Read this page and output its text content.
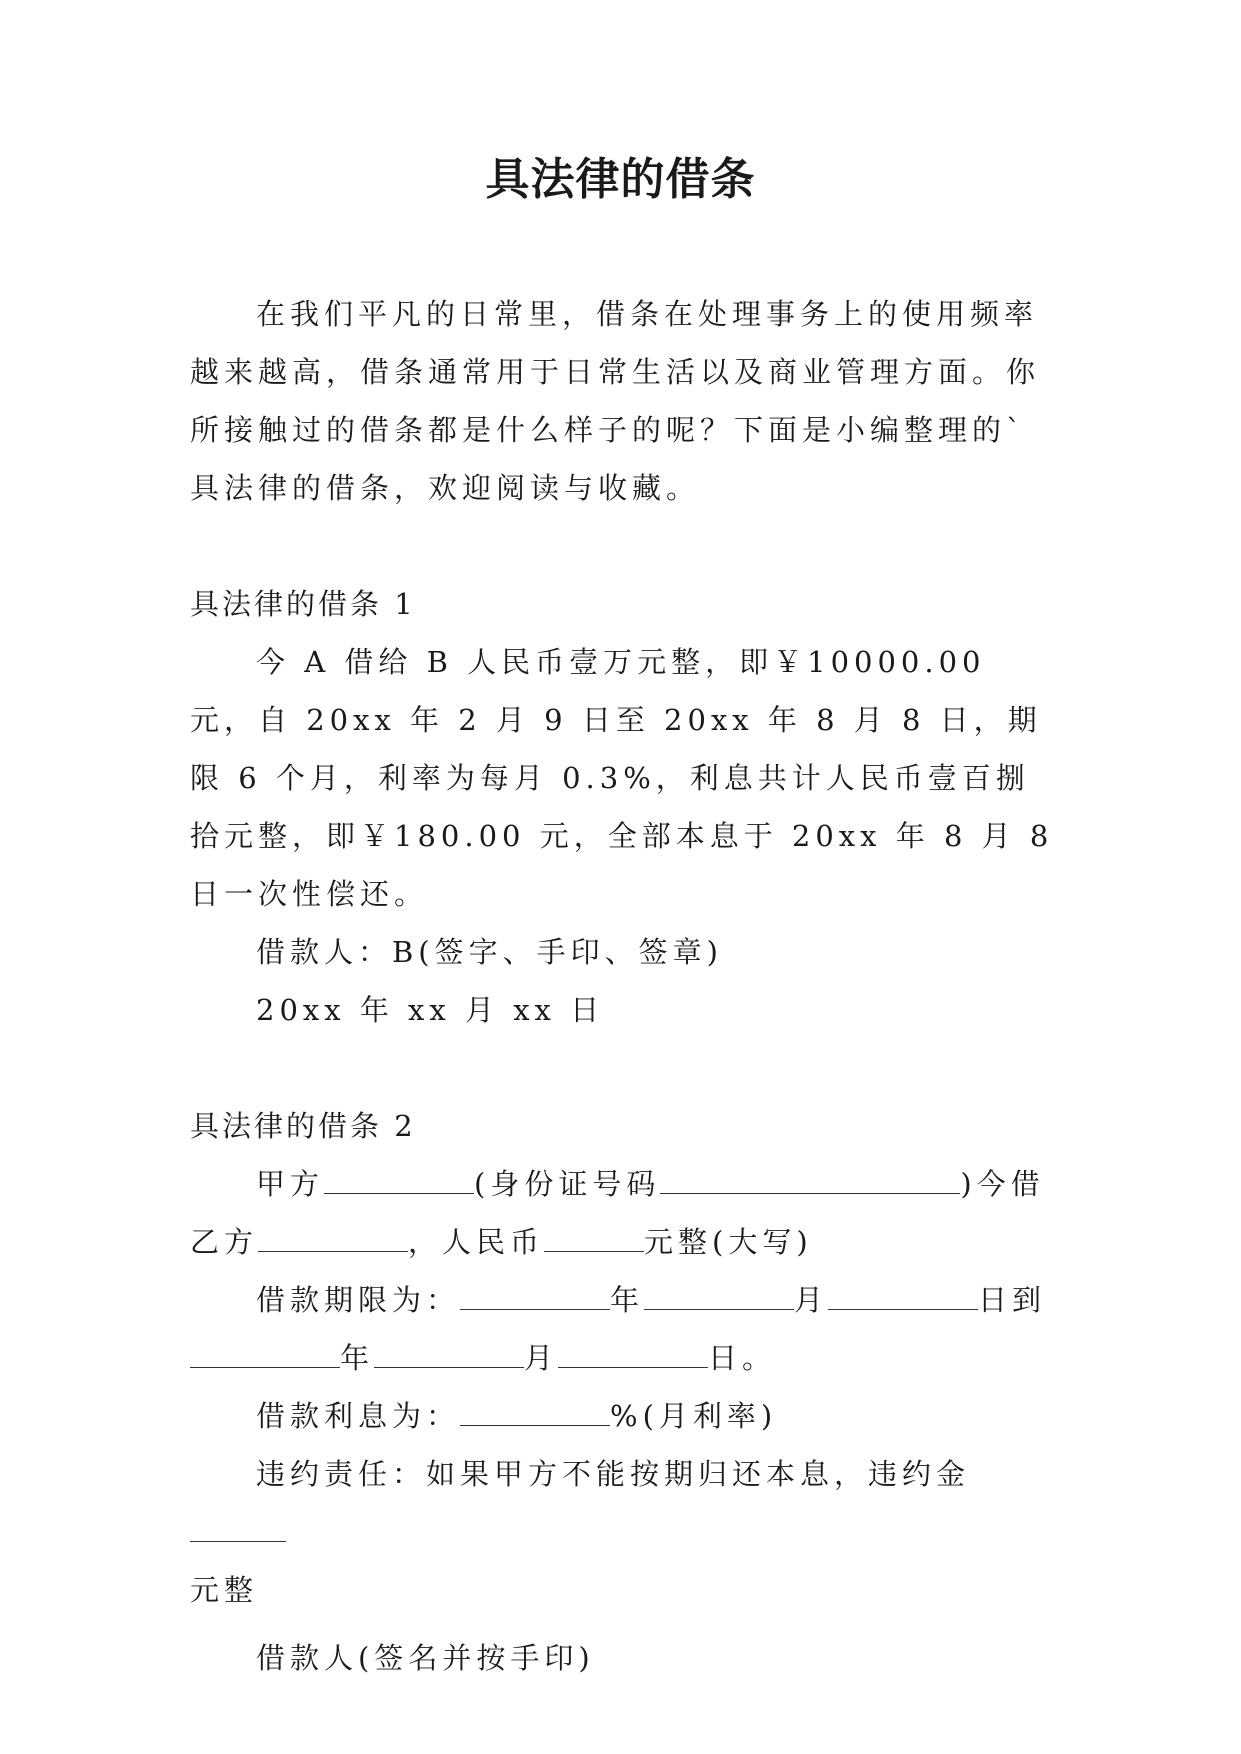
具法律的借条

在我们平凡的日常里，借条在处理事务上的使用频率越来越高，借条通常用于日常生活以及商业管理方面。你所接触过的借条都是什么样子的呢？下面是小编整理的`具法律的借条，欢迎阅读与收藏。

具法律的借条 1

今 A 借给 B 人民币壹万元整，即￥10000.00 元，自 20xx 年 2 月 9 日至 20xx 年 8 月 8 日，期限 6 个月，利率为每月 0.3%，利息共计人民币壹百捌拾元整，即￥180.00 元，全部本息于 20xx 年 8 月 8 日一次性偿还。

借款人：B(签字、手印、签章)

20xx 年 xx 月 xx 日

具法律的借条 2

甲方	(身份证号码	)今借

乙方	，人民币	元整(大写)

借款期限为：	年	月	日到

年	月	日。

借款利息为：	%(月利率)

违约责任：如果甲方不能按期归还本息，违约金

元整

借款人(签名并按手印)
